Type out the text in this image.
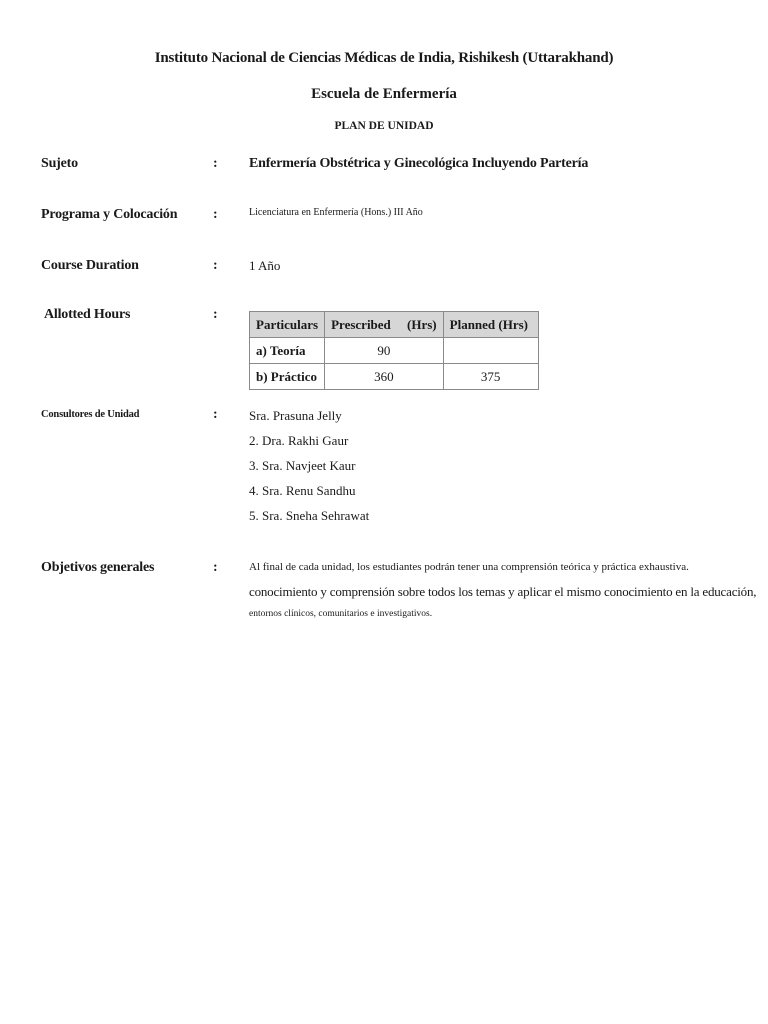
Instituto Nacional de Ciencias Médicas de India, Rishikesh (Uttarakhand)
Escuela de Enfermería
PLAN DE UNIDAD
Sujeto	: Enfermería Obstétrica y Ginecológica Incluyendo Partería
Programa y Colocación	:	Licenciatura en Enfermería (Hons.) III Año
Course Duration	: 1 Año
Allotted Hours	:
Particulars	Prescribed     (Hrs)	Planned (Hrs)
a) Teoría	90	
b) Práctico	360	375
Consultores de Unidad	: Sra. Prasuna Jelly
2. Dra. Rakhi Gaur
3. Sra. Navjeet Kaur
4. Sra. Renu Sandhu
5. Sra. Sneha Sehrawat
Objetivos generales	:	Al final de cada unidad, los estudiantes podrán tener una comprensión teórica y práctica exhaustiva.
conocimiento y comprensión sobre todos los temas y aplicar el mismo conocimiento en la educación,
entornos clínicos, comunitarios e investigativos.
